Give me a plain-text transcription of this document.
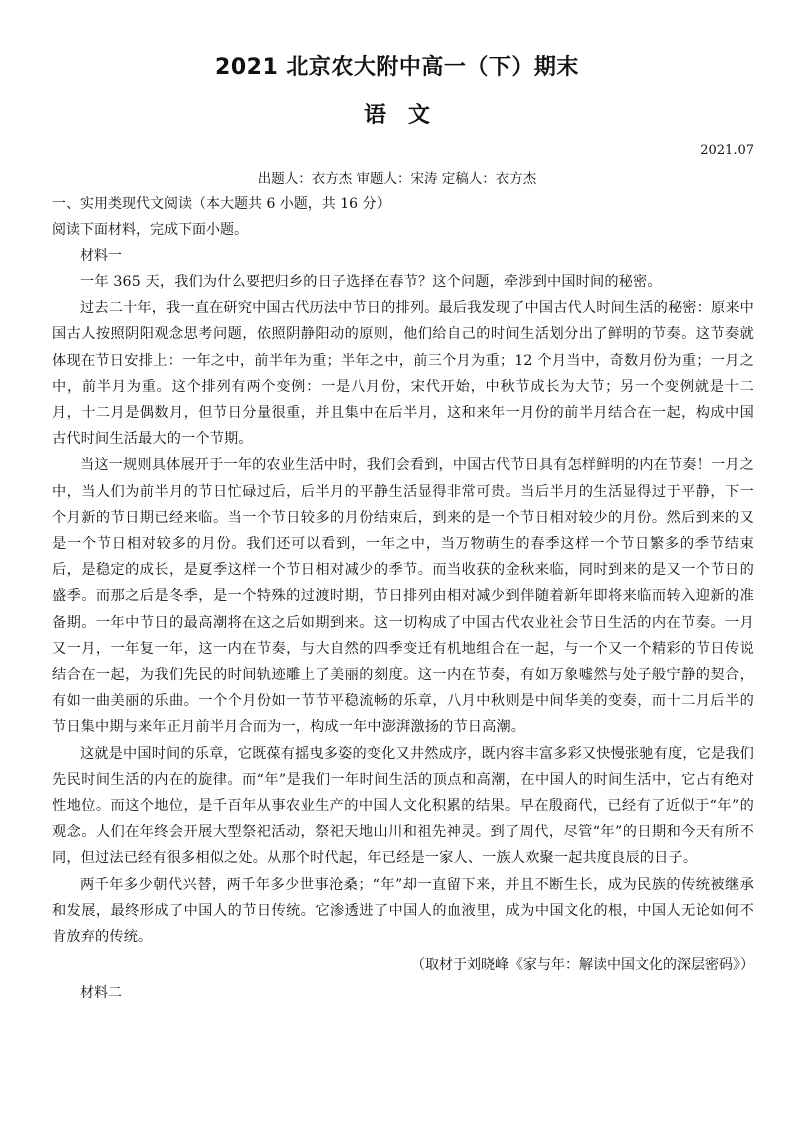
2021 北京农大附中高一（下）期末
语　文
2021.07
出题人：衣方杰 审题人：宋涛 定稿人：衣方杰

一、实用类现代文阅读（本大题共 6 小题，共 16 分）

阅读下面材料，完成下面小题。

材料一

一年 365 天，我们为什么要把归乡的日子选择在春节？这个问题，牵涉到中国时间的秘密。

过去二十年，我一直在研究中国古代历法中节日的排列。最后我发现了中国古代人时间生活的秘密：原来中国古人按照阴阳观念思考问题，依照阴静阳动的原则，他们给自己的时间生活划分出了鲜明的节奏。这节奏就体现在节日安排上：一年之中，前半年为重；半年之中，前三个月为重；12 个月当中，奇数月份为重；一月之中，前半月为重。这个排列有两个变例：一是八月份，宋代开始，中秋节成长为大节；另一个变例就是十二月，十二月是偶数月，但节日分量很重，并且集中在后半月，这和来年一月份的前半月结合在一起，构成中国古代时间生活最大的一个节期。

当这一规则具体展开于一年的农业生活中时，我们会看到，中国古代节日具有怎样鲜明的内在节奏！一月之中，当人们为前半月的节日忙碌过后，后半月的平静生活显得非常可贵。当后半月的生活显得过于平静，下一个月新的节日期已经来临。当一个节日较多的月份结束后，到来的是一个节日相对较少的月份。然后到来的又是一个节日相对较多的月份。我们还可以看到，一年之中，当万物萌生的春季这样一个节日繁多的季节结束后，是稳定的成长，是夏季这样一个节日相对减少的季节。而当收获的金秋来临，同时到来的是又一个节日的盛季。而那之后是冬季，是一个特殊的过渡时期，节日排列由相对减少到伴随着新年即将来临而转入迎新的准备期。一年中节日的最高潮将在这之后如期到来。这一切构成了中国古代农业社会节日生活的内在节奏。一月又一月，一年复一年，这一内在节奏，与大自然的四季变迁有机地组合在一起，与一个又一个精彩的节日传说结合在一起，为我们先民的时间轨迹雕上了美丽的刻度。这一内在节奏，有如万象嘘然与处子般宁静的契合，有如一曲美丽的乐曲。一个个月份如一节节平稳流畅的乐章，八月中秋则是中间华美的变奏，而十二月后半的节日集中期与来年正月前半月合而为一，构成一年中澎湃激扬的节日高潮。

这就是中国时间的乐章，它既葆有摇曳多姿的变化又井然成序，既内容丰富多彩又快慢张驰有度，它是我们先民时间生活的内在的旋律。而“年”是我们一年时间生活的顶点和高潮，在中国人的时间生活中，它占有绝对性地位。而这个地位，是千百年从事农业生产的中国人文化积累的结果。早在殷商代，已经有了近似于“年”的观念。人们在年终会开展大型祭祀活动，祭祀天地山川和祖先神灵。到了周代，尽管“年”的日期和今天有所不同，但过法已经有很多相似之处。从那个时代起，年已经是一家人、一族人欢聚一起共度良辰的日子。

两千年多少朝代兴替，两千年多少世事沧桑；“年”却一直留下来，并且不断生长，成为民族的传统被继承和发展，最终形成了中国人的节日传统。它渗透进了中国人的血液里，成为中国文化的根，中国人无论如何不肯放弃的传统。

（取材于刘晓峰《家与年：解读中国文化的深层密码》）

材料二
